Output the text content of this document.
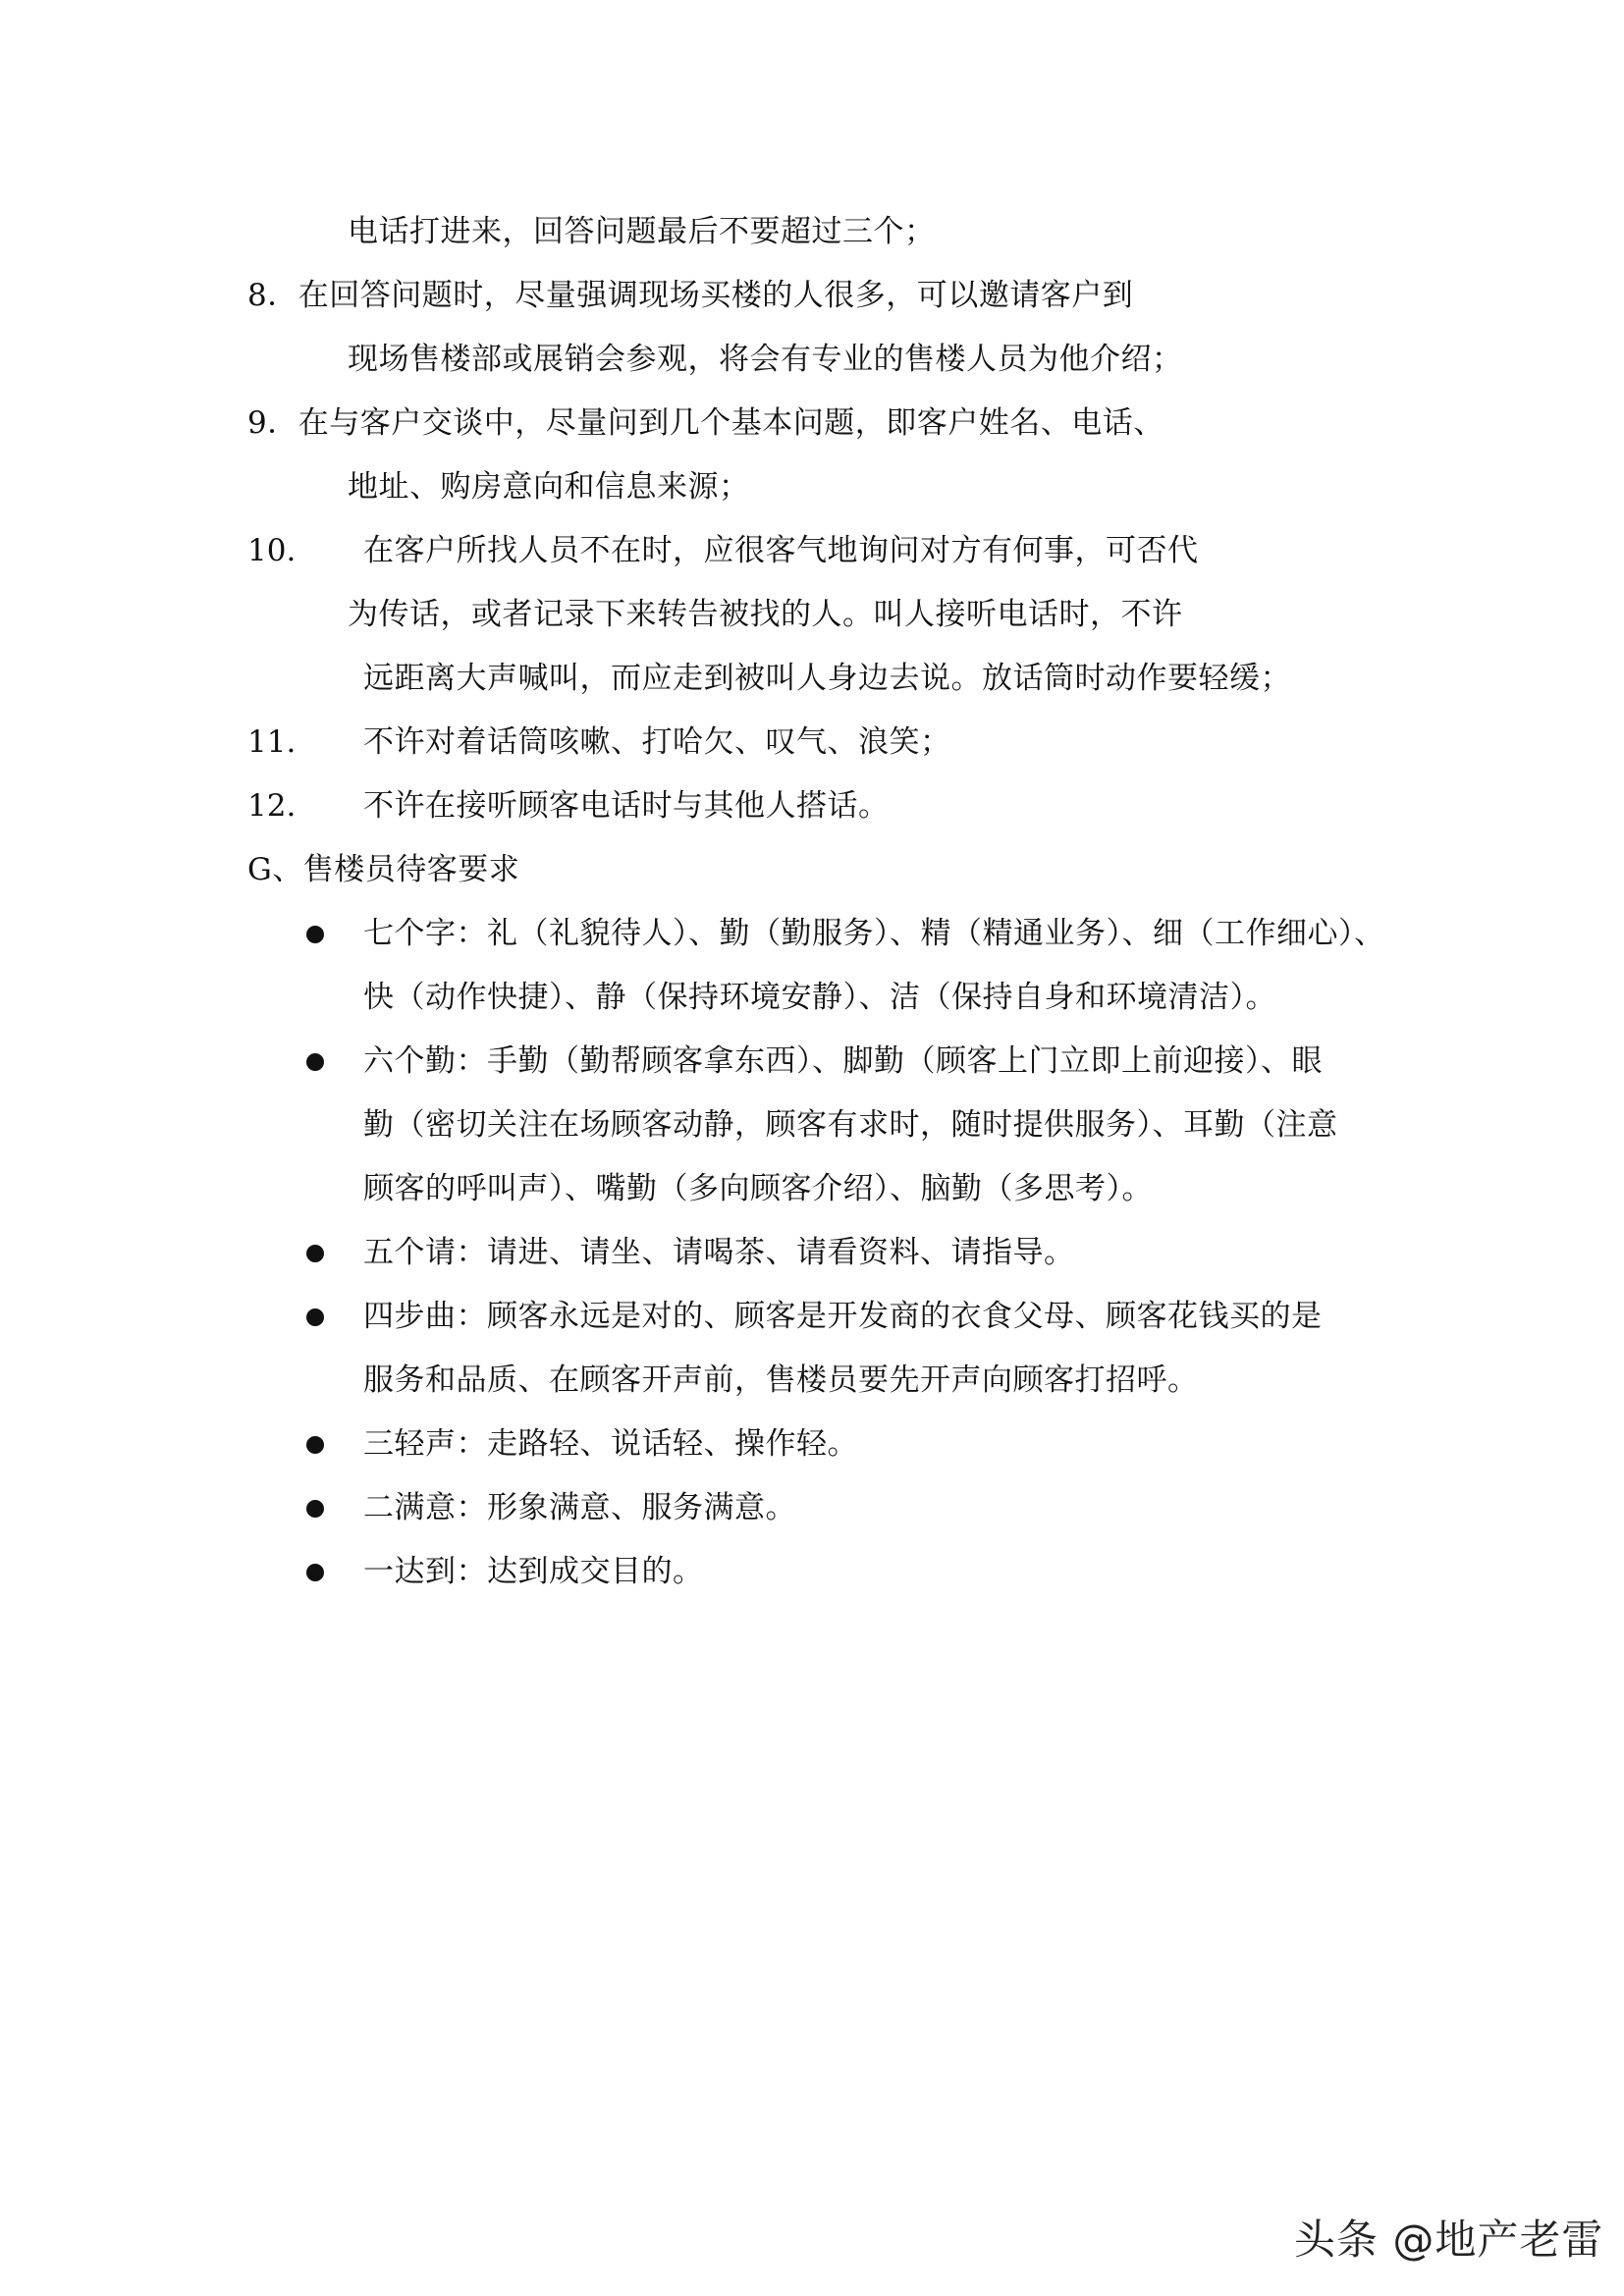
电话打进来，回答问题最后不要超过三个；
8．在回答问题时，尽量强调现场买楼的人很多，可以邀请客户到
现场售楼部或展销会参观，将会有专业的售楼人员为他介绍；
9．在与客户交谈中，尽量问到几个基本问题，即客户姓名、电话、
地址、购房意向和信息来源；
10. 在客户所找人员不在时，应很客气地询问对方有何事，可否代
为传话，或者记录下来转告被找的人。叫人接听电话时，不许
远距离大声喊叫，而应走到被叫人身边去说。放话筒时动作要轻缓；
11. 不许对着话筒咳嗽、打哈欠、叹气、浪笑；
12. 不许在接听顾客电话时与其他人搭话。
G、售楼员待客要求
七个字：礼（礼貌待人）、勤（勤服务）、精（精通业务）、细（工作细心）、
快（动作快捷）、静（保持环境安静）、洁（保持自身和环境清洁）。
六个勤：手勤（勤帮顾客拿东西）、脚勤（顾客上门立即上前迎接）、眼
勤（密切关注在场顾客动静，顾客有求时，随时提供服务）、耳勤（注意
顾客的呼叫声）、嘴勤（多向顾客介绍）、脑勤（多思考）。
五个请：请进、请坐、请喝茶、请看资料、请指导。
四步曲：顾客永远是对的、顾客是开发商的衣食父母、顾客花钱买的是
服务和品质、在顾客开声前，售楼员要先开声向顾客打招呼。
三轻声：走路轻、说话轻、操作轻。
二满意：形象满意、服务满意。
一达到：达到成交目的。
头条 @地产老雷
